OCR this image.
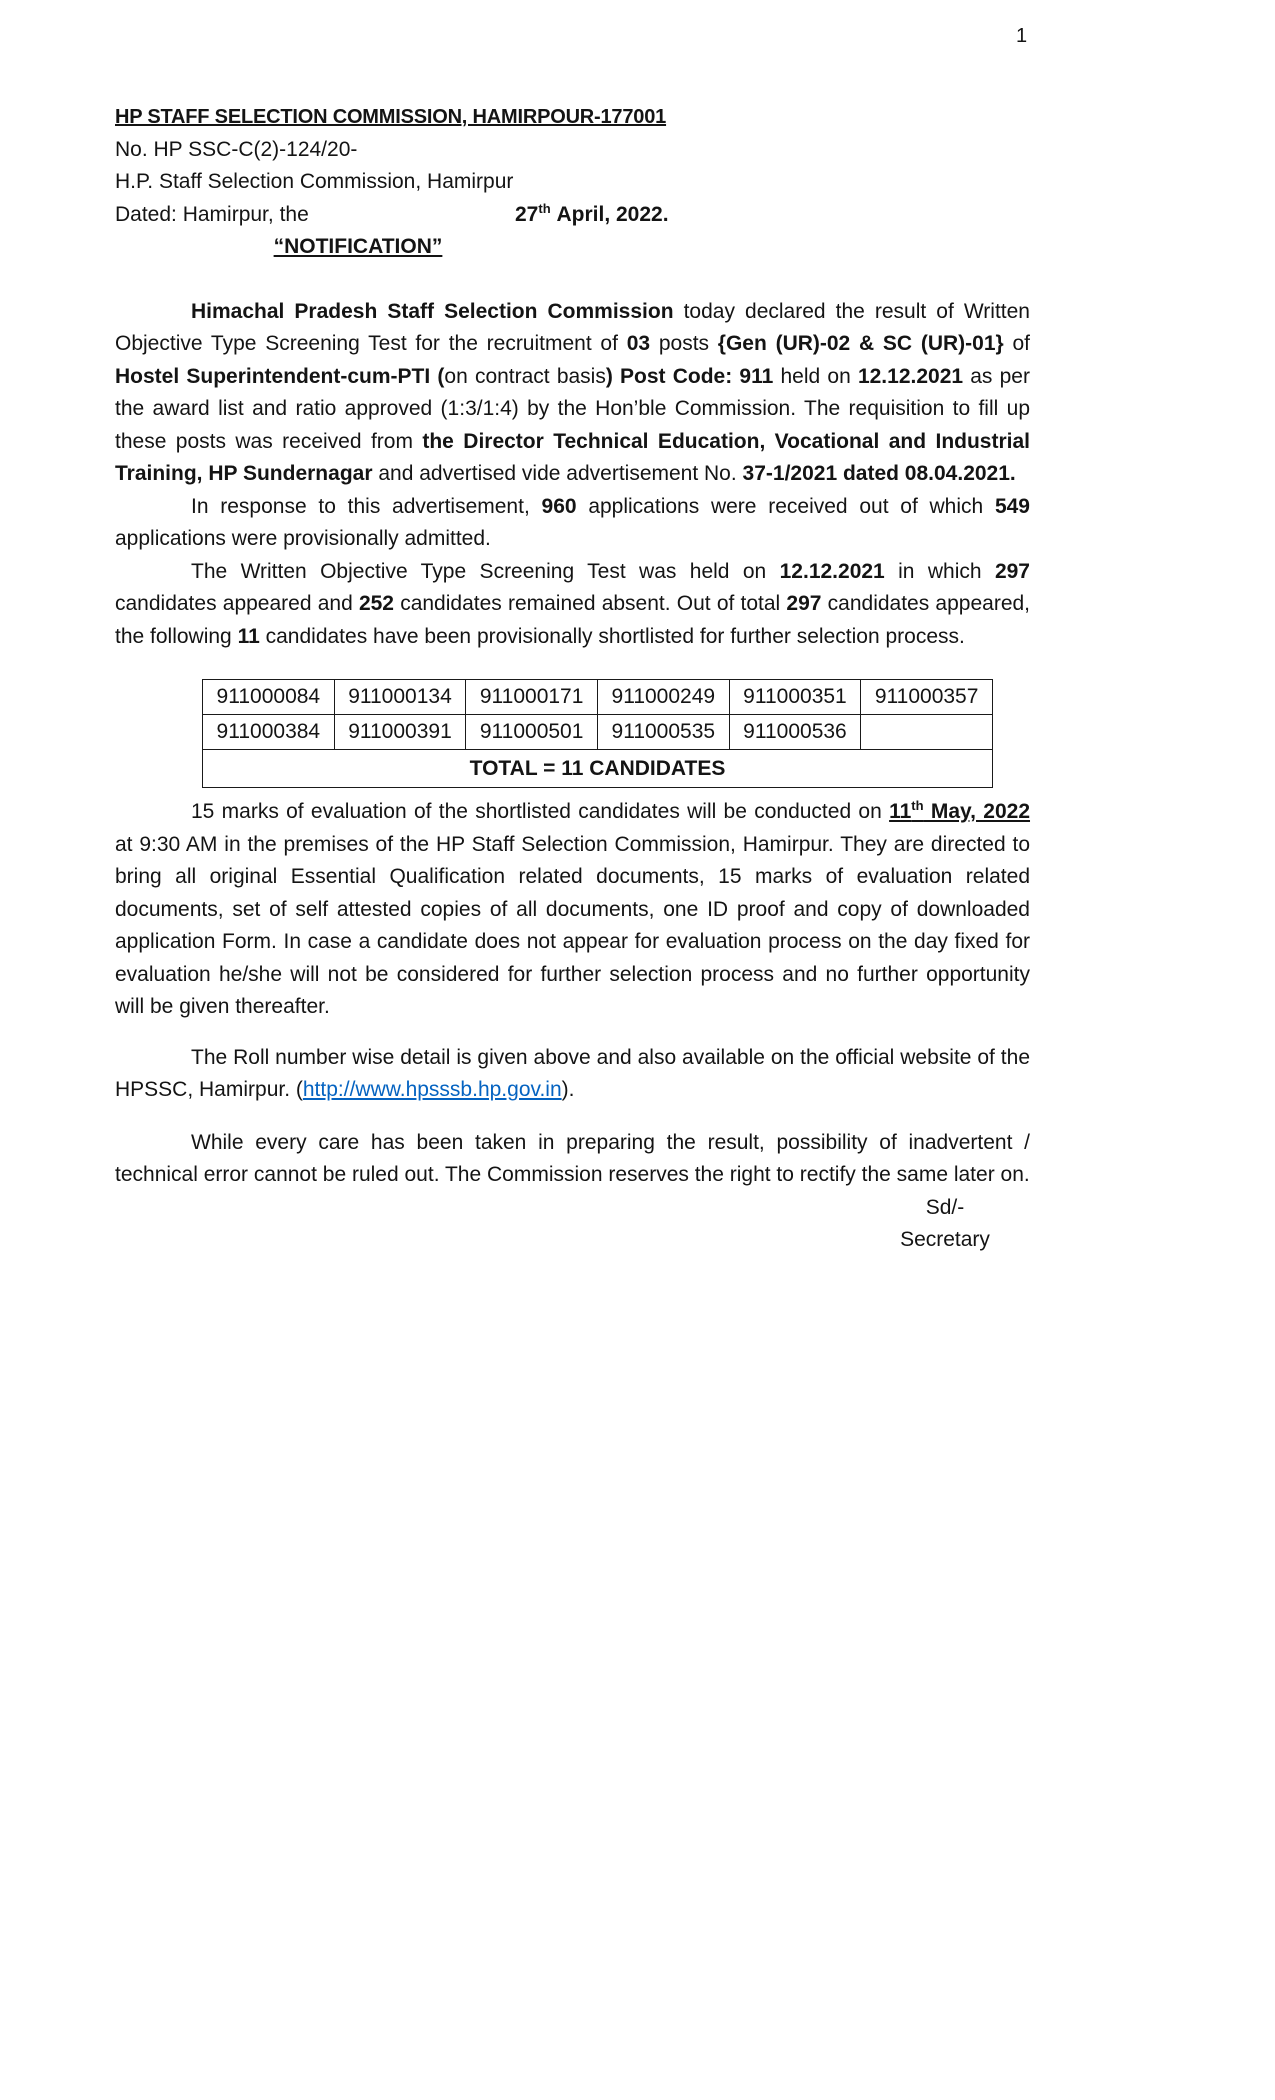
1
HP STAFF SELECTION COMMISSION, HAMIRPOUR-177001
No. HP SSC-C(2)-124/20-
H.P. Staff Selection Commission, Hamirpur
Dated: Hamirpur, the	27th April, 2022.
“NOTIFICATION”

Himachal Pradesh Staff Selection Commission today declared the result of Written Objective Type Screening Test for the recruitment of 03 posts {Gen (UR)-02 & SC (UR)-01} of Hostel Superintendent-cum-PTI (on contract basis) Post Code: 911 held on 12.12.2021 as per the award list and ratio approved (1:3/1:4) by the Hon’ble Commission. The requisition to fill up these posts was received from the Director Technical Education, Vocational and Industrial Training, HP Sundernagar and advertised vide advertisement No. 37-1/2021 dated 08.04.2021.

In response to this advertisement, 960 applications were received out of which 549 applications were provisionally admitted.

The Written Objective Type Screening Test was held on 12.12.2021 in which 297 candidates appeared and 252 candidates remained absent. Out of total 297 candidates appeared, the following 11 candidates have been provisionally shortlisted for further selection process.

911000084	911000134	911000171	911000249	911000351	911000357
911000384	911000391	911000501	911000535	911000536	
TOTAL = 11 CANDIDATES					

15 marks of evaluation of the shortlisted candidates will be conducted on 11th May, 2022 at 9:30 AM in the premises of the HP Staff Selection Commission, Hamirpur. They are directed to bring all original Essential Qualification related documents, 15 marks of evaluation related documents, set of self attested copies of all documents, one ID proof and copy of downloaded application Form. In case a candidate does not appear for evaluation process on the day fixed for evaluation he/she will not be considered for further selection process and no further opportunity will be given thereafter.

The Roll number wise detail is given above and also available on the official website of the HPSSC, Hamirpur. (http://www.hpsssb.hp.gov.in).

While every care has been taken in preparing the result, possibility of inadvertent / technical error cannot be ruled out. The Commission reserves the right to rectify the same later on.

Sd/-
Secretary
